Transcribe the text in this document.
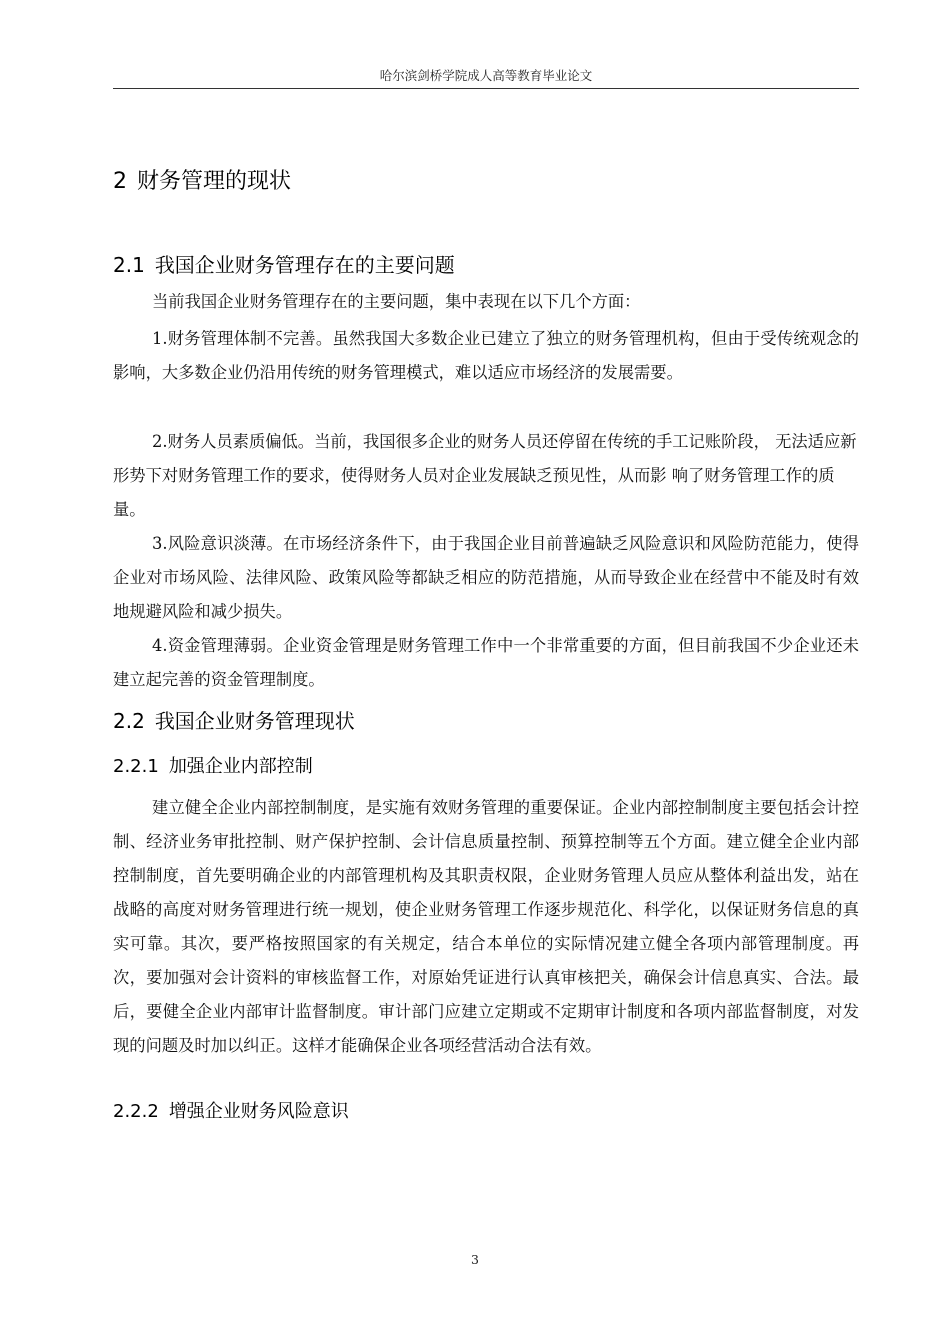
哈尔滨剑桥学院成人高等教育毕业论文
2 财务管理的现状
2.1 我国企业财务管理存在的主要问题

当前我国企业财务管理存在的主要问题，集中表现在以下几个方面：

1.财务管理体制不完善。虽然我国大多数企业已建立了独立的财务管理机构，但由于受传统观念的影响，大多数企业仍沿用传统的财务管理模式，难以适应市场经济的发展需要。

2.财务人员素质偏低。当前，我国很多企业的财务人员还停留在传统的手工记账阶段， 无法适应新形势下对财务管理工作的要求，使得财务人员对企业发展缺乏预见性，从而影 响了财务管理工作的质量。

3.风险意识淡薄。在市场经济条件下，由于我国企业目前普遍缺乏风险意识和风险防范能力，使得企业对市场风险、法律风险、政策风险等都缺乏相应的防范措施，从而导致企业在经营中不能及时有效地规避风险和减少损失。

4.资金管理薄弱。企业资金管理是财务管理工作中一个非常重要的方面，但目前我国不少企业还未建立起完善的资金管理制度。

2.2 我国企业财务管理现状
2.2.1 加强企业内部控制

建立健全企业内部控制制度，是实施有效财务管理的重要保证。企业内部控制制度主要包括会计控制、经济业务审批控制、财产保护控制、会计信息质量控制、预算控制等五个方面。建立健全企业内部控制制度，首先要明确企业的内部管理机构及其职责权限，企业财务管理人员应从整体利益出发，站在战略的高度对财务管理进行统一规划，使企业财务管理工作逐步规范化、科学化，以保证财务信息的真实可靠。其次，要严格按照国家的有关规定，结合本单位的实际情况建立健全各项内部管理制度。再次，要加强对会计资料的审核监督工作，对原始凭证进行认真审核把关，确保会计信息真实、合法。最后，要健全企业内部审计监督制度。审计部门应建立定期或不定期审计制度和各项内部监督制度，对发现的问题及时加以纠正。这样才能确保企业各项经营活动合法有效。

2.2.2 增强企业财务风险意识
3
